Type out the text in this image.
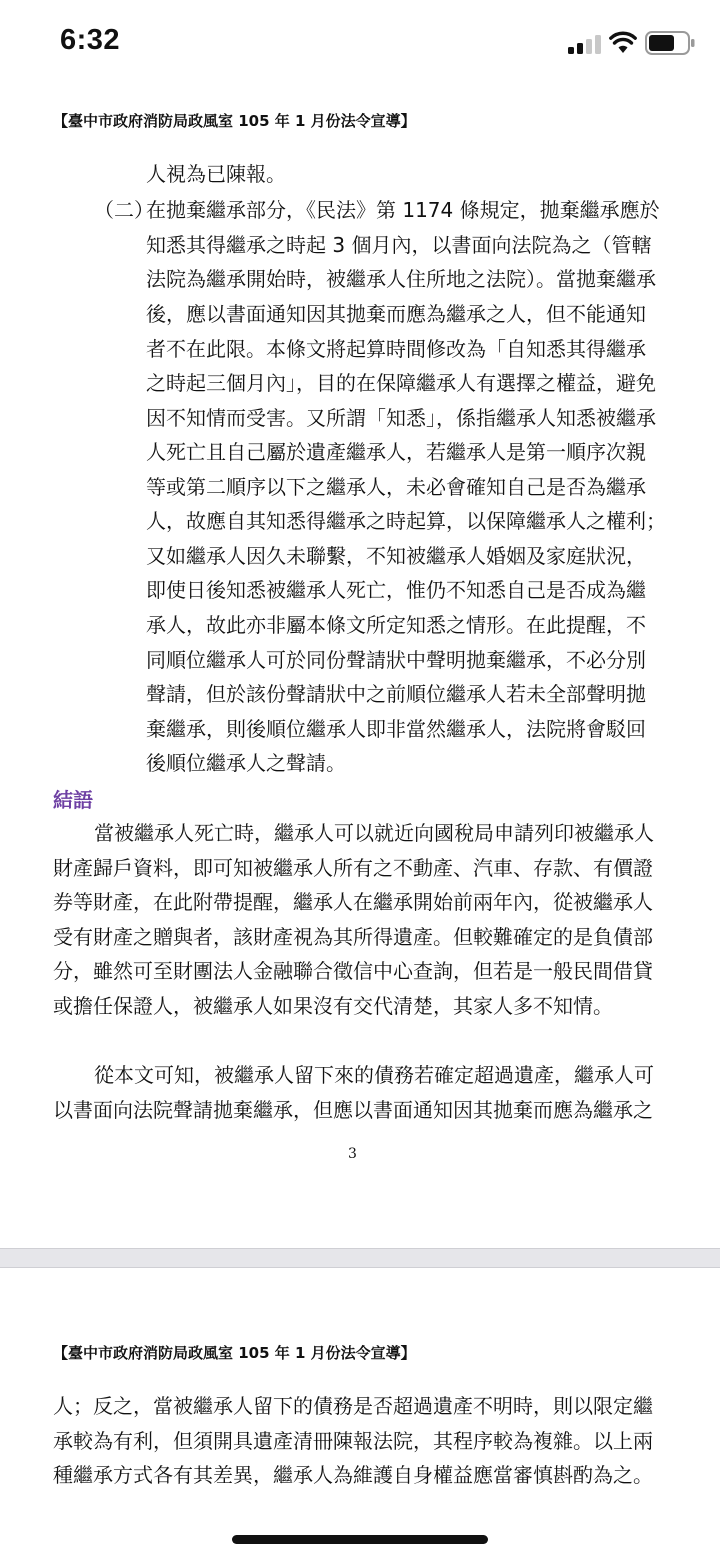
6:32
【臺中市政府消防局政風室 105 年 1 月份法令宣導】
人視為已陳報。
（二）
在拋棄繼承部分，《民法》第 1174 條規定，拋棄繼承應於
知悉其得繼承之時起 3 個月內，以書面向法院為之（管轄
法院為繼承開始時，被繼承人住所地之法院）。當拋棄繼承
後，應以書面通知因其拋棄而應為繼承之人，但不能通知
者不在此限。本條文將起算時間修改為「自知悉其得繼承
之時起三個月內」，目的在保障繼承人有選擇之權益，避免
因不知情而受害。又所謂「知悉」，係指繼承人知悉被繼承
人死亡且自己屬於遺產繼承人，若繼承人是第一順序次親
等或第二順序以下之繼承人，未必會確知自己是否為繼承
人，故應自其知悉得繼承之時起算，以保障繼承人之權利；
又如繼承人因久未聯繫，不知被繼承人婚姻及家庭狀況，
即使日後知悉被繼承人死亡，惟仍不知悉自己是否成為繼
承人，故此亦非屬本條文所定知悉之情形。在此提醒，不
同順位繼承人可於同份聲請狀中聲明拋棄繼承，不必分別
聲請，但於該份聲請狀中之前順位繼承人若未全部聲明拋
棄繼承，則後順位繼承人即非當然繼承人，法院將會駁回
後順位繼承人之聲請。
結語
當被繼承人死亡時，繼承人可以就近向國稅局申請列印被繼承人
財產歸戶資料，即可知被繼承人所有之不動產、汽車、存款、有價證
券等財產，在此附帶提醒，繼承人在繼承開始前兩年內，從被繼承人
受有財產之贈與者，該財產視為其所得遺產。但較難確定的是負債部
分，雖然可至財團法人金融聯合徵信中心查詢，但若是一般民間借貸
或擔任保證人，被繼承人如果沒有交代清楚，其家人多不知情。
從本文可知，被繼承人留下來的債務若確定超過遺產，繼承人可
以書面向法院聲請拋棄繼承，但應以書面通知因其拋棄而應為繼承之
3
【臺中市政府消防局政風室 105 年 1 月份法令宣導】
人；反之，當被繼承人留下的債務是否超過遺產不明時，則以限定繼
承較為有利，但須開具遺產清冊陳報法院，其程序較為複雜。以上兩
種繼承方式各有其差異，繼承人為維護自身權益應當審慎斟酌為之。
